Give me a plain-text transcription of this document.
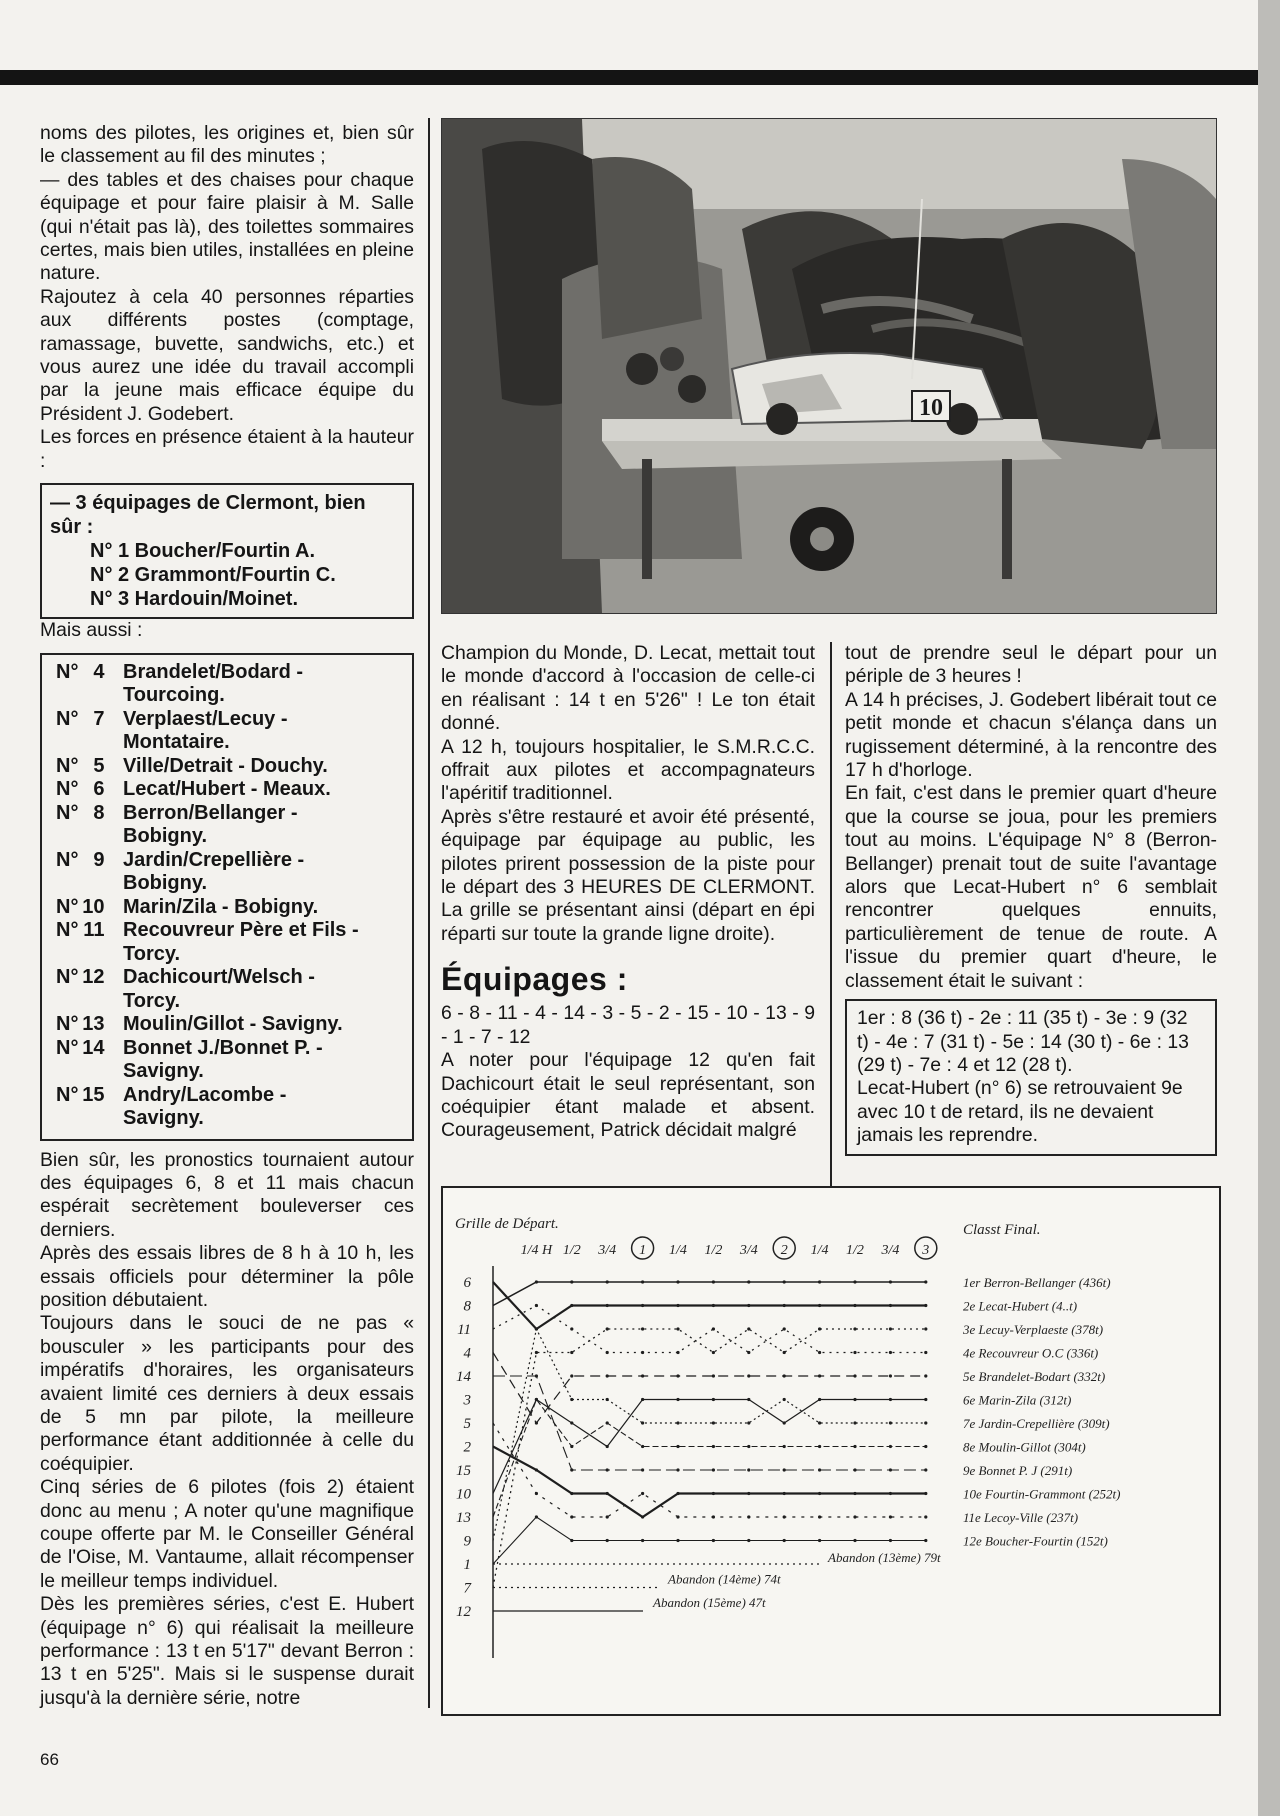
noms des pilotes, les origines et, bien sûr le classement au fil des minutes ;

— des tables et des chaises pour chaque équipage et pour faire plaisir à M. Salle (qui n'était pas là), des toilettes sommaires certes, mais bien utiles, installées en pleine nature.

Rajoutez à cela 40 personnes réparties aux différents postes (comptage, ramassage, buvette, sandwichs, etc.) et vous aurez une idée du travail accompli par la jeune mais efficace équipe du Président J. Godebert.

Les forces en présence étaient à la hauteur :

— 3 équipages de Clermont, bien sûr :
N° 1 Boucher/Fourtin A.
N° 2 Grammont/Fourtin C.
N° 3 Hardouin/Moinet.

Mais aussi :

N° 4 Brandelet/Bodard -
Tourcoing.
N° 7 Verplaest/Lecuy -
Montataire.
N° 5 Ville/Detrait - Douchy.
N° 6 Lecat/Hubert - Meaux.
N° 8 Berron/Bellanger -
Bobigny.
N° 9 Jardin/Crepellière -
Bobigny.
N° 10 Marin/Zila - Bobigny.
N° 11 Recouvreur Père et Fils -
Torcy.
N° 12 Dachicourt/Welsch -
Torcy.
N° 13 Moulin/Gillot - Savigny.
N° 14 Bonnet J./Bonnet P. -
Savigny.
N° 15 Andry/Lacombe -
Savigny.

Bien sûr, les pronostics tournaient autour des équipages 6, 8 et 11 mais chacun espérait secrètement bouleverser ces derniers.

Après des essais libres de 8 h à 10 h, les essais officiels pour déterminer la pôle position débutaient.

Toujours dans le souci de ne pas « bousculer » les participants pour des impératifs d'horaires, les organisateurs avaient limité ces derniers à deux essais de 5 mn par pilote, la meilleure performance étant additionnée à celle du coéquipier.

Cinq séries de 6 pilotes (fois 2) étaient donc au menu ; A noter qu'une magnifique coupe offerte par M. le Conseiller Général de l'Oise, M. Vantaume, allait récompenser le meilleur temps individuel.

Dès les premières séries, c'est E. Hubert (équipage n° 6) qui réalisait la meilleure performance : 13 t en 5'17" devant Berron : 13 t en 5'25". Mais si le suspense durait jusqu'à la dernière série, notre

10

Champion du Monde, D. Lecat, mettait tout le monde d'accord à l'occasion de celle-ci en réalisant : 14 t en 5'26" ! Le ton était donné.

A 12 h, toujours hospitalier, le S.M.R.C.C. offrait aux pilotes et accompagnateurs l'apéritif traditionnel.

Après s'être restauré et avoir été présenté, équipage par équipage au public, les pilotes prirent possession de la piste pour le départ des 3 HEURES DE CLERMONT. La grille se présentant ainsi (départ en épi réparti sur toute la grande ligne droite).

Équipages :

6 - 8 - 11 - 4 - 14 - 3 - 5 - 2 - 15 - 10 - 13 - 9 - 1 - 7 - 12

A noter pour l'équipage 12 qu'en fait Dachicourt était le seul représentant, son coéquipier étant malade et absent. Courageusement, Patrick décidait malgré

tout de prendre seul le départ pour un périple de 3 heures !

A 14 h précises, J. Godebert libérait tout ce petit monde et chacun s'élança dans un rugissement déterminé, à la rencontre des 17 h d'horloge.

En fait, c'est dans le premier quart d'heure que la course se joua, pour les premiers tout au moins. L'équipage N° 8 (Berron-Bellanger) prenait tout de suite l'avantage alors que Lecat-Hubert n° 6 semblait rencontrer quelques ennuits, particulièrement de tenue de route. A l'issue du premier quart d'heure, le classement était le suivant :

1er : 8 (36 t) - 2e : 11 (35 t) - 3e : 9 (32 t) - 4e : 7 (31 t) - 5e : 14 (30 t) - 6e : 13 (29 t) - 7e : 4 et 12 (28 t).

Lecat-Hubert (n° 6) se retrouvaient 9e avec 10 t de retard, ils ne devaient jamais les reprendre.

Grille de Départ.
6
8
11
4
14
3
5
2
15
10
13
9
1
7
12
1/4 H 1/2 3/4 1 1/4 1/2 3/4 2 1/4 1/2 3/4 3
Abandon (13ème) 79t
Abandon (14ème) 74t
Abandon (15ème) 47t
Classt Final.
1er Berron-Bellanger (436t)
2e Lecat-Hubert (4..t)
3e Lecuy-Verplaeste (378t)
4e Recouvreur O.C (336t)
5e Brandelet-Bodart (332t)
6e Marin-Zila (312t)
7e Jardin-Crepellière (309t)
8e Moulin-Gillot (304t)
9e Bonnet P. J (291t)
10e Fourtin-Grammont (252t)
11e Lecoy-Ville (237t)
12e Boucher-Fourtin (152t)
66
